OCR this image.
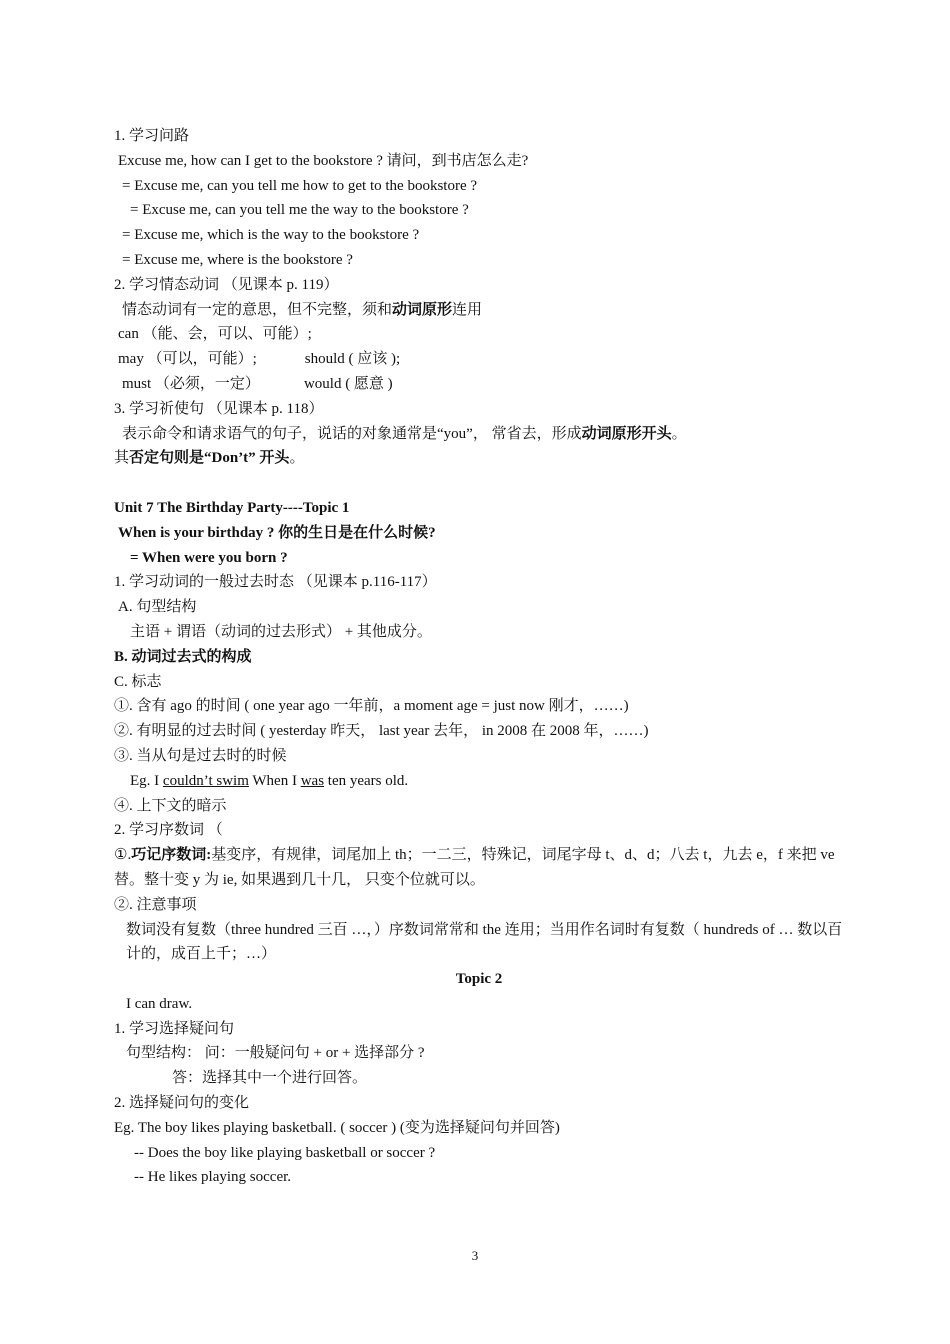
1. 学习问路
Excuse me, how can I get to the bookstore ? 请问，到书店怎么走?
= Excuse me, can you tell me how to get to the bookstore ?
= Excuse me, can you tell me the way to the bookstore ?
= Excuse me, which is the way to the bookstore ?
= Excuse me, where is the bookstore ?
2. 学习情态动词 （见课本 p. 119）
情态动词有一定的意思，但不完整，须和动词原形连用
can （能、会，可以、可能）;
may （可以，可能）;	should ( 应该 );
must （必须，一定）	would ( 愿意 )
3. 学习祈使句 （见课本 p. 118）
表示命令和请求语气的句子，说话的对象通常是“you”， 常省去，形成动词原形开头。
其否定句则是“Don’t” 开头。
Unit 7 The Birthday Party----Topic 1
When is your birthday ? 你的生日是在什么时候?
= When were you born ?
1. 学习动词的一般过去时态 （见课本 p.116-117）
A. 句型结构
主语 + 谓语（动词的过去形式） + 其他成分。
B. 动词过去式的构成
C. 标志
①. 含有 ago 的时间 ( one year ago 一年前，a moment age = just now 刚才，……)
②. 有明显的过去时间 ( yesterday 昨天， last year 去年， in 2008 在 2008 年，……)
③. 当从句是过去时的时候
Eg. I couldn’t swim When I was ten years old.
④. 上下文的暗示
2. 学习序数词 （
①.巧记序数词:基变序，有规律，词尾加上 th；一二三，特殊记，词尾字母 t、d、d；八去 t，九去 e，f 来把 ve 替。整十变 y 为 ie, 如果遇到几十几， 只变个位就可以。
②. 注意事项
数词没有复数（three hundred 三百 …，）序数词常常和 the 连用；当用作名词时有复数（ hundreds of … 数以百计的，成百上千；…）
Topic 2
I can draw.
1. 学习选择疑问句
句型结构： 问：一般疑问句 + or + 选择部分 ?
答：选择其中一个进行回答。
2. 选择疑问句的变化
Eg. The boy likes playing basketball. ( soccer ) (变为选择疑问句并回答)
-- Does the boy like playing basketball or soccer ?
-- He likes playing soccer.
3
